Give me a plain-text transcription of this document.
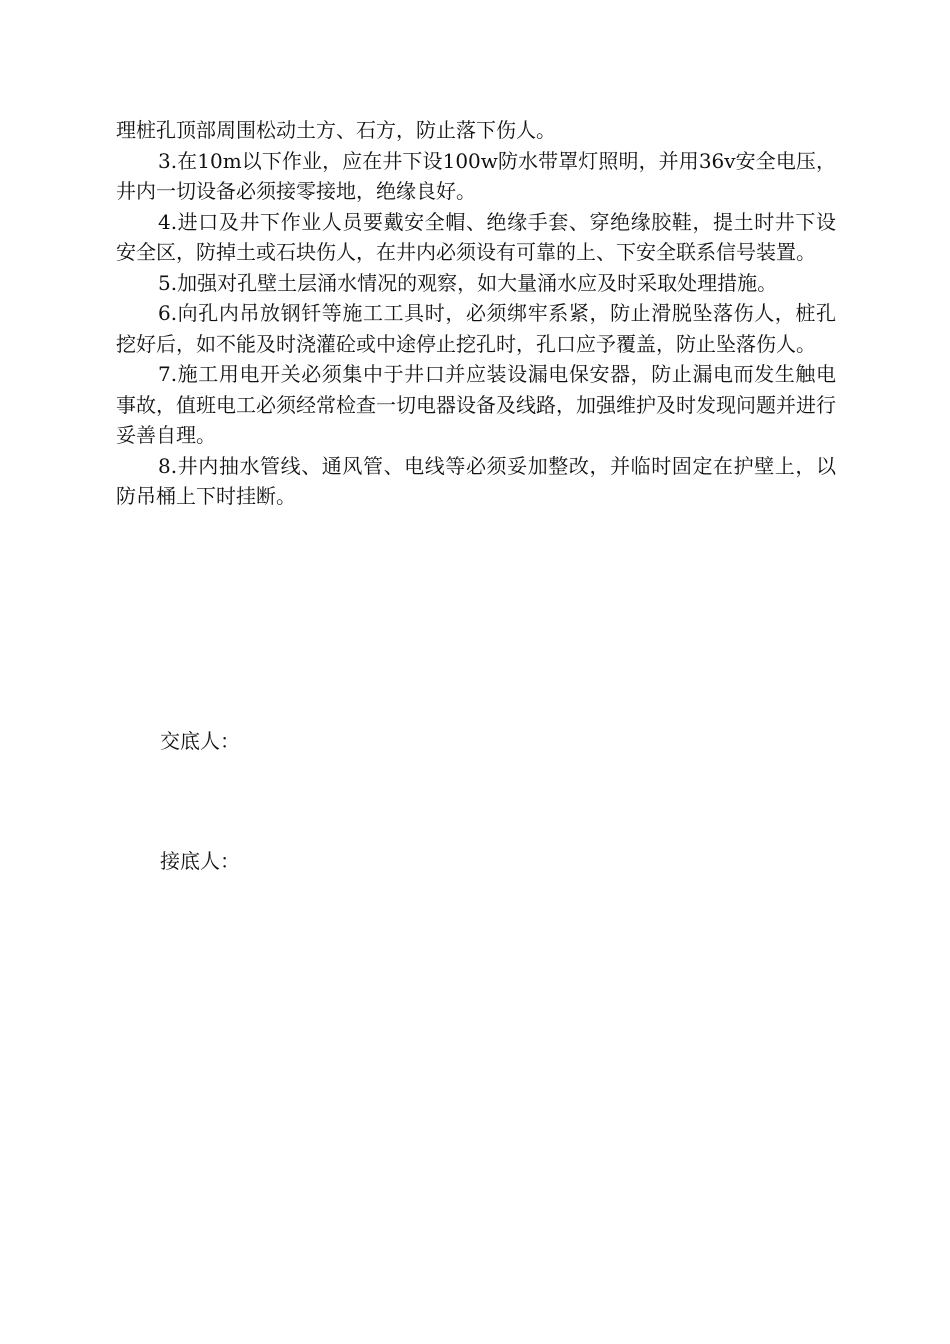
理桩孔顶部周围松动土方、石方，防止落下伤人。

3.在10m以下作业，应在井下设100w防水带罩灯照明，并用36v安全电压，井内一切设备必须接零接地，绝缘良好。

4.进口及井下作业人员要戴安全帽、绝缘手套、穿绝缘胶鞋，提土时井下设安全区，防掉土或石块伤人，在井内必须设有可靠的上、下安全联系信号装置。

5.加强对孔壁土层涌水情况的观察，如大量涌水应及时采取处理措施。

6.向孔内吊放钢钎等施工工具时，必须绑牢系紧，防止滑脱坠落伤人，桩孔挖好后，如不能及时浇灌砼或中途停止挖孔时，孔口应予覆盖，防止坠落伤人。

7.施工用电开关必须集中于井口并应装设漏电保安器，防止漏电而发生触电事故，值班电工必须经常检查一切电器设备及线路，加强维护及时发现问题并进行妥善自理。

8.井内抽水管线、通风管、电线等必须妥加整改，并临时固定在护壁上，以防吊桶上下时挂断。

交底人：
接底人：
